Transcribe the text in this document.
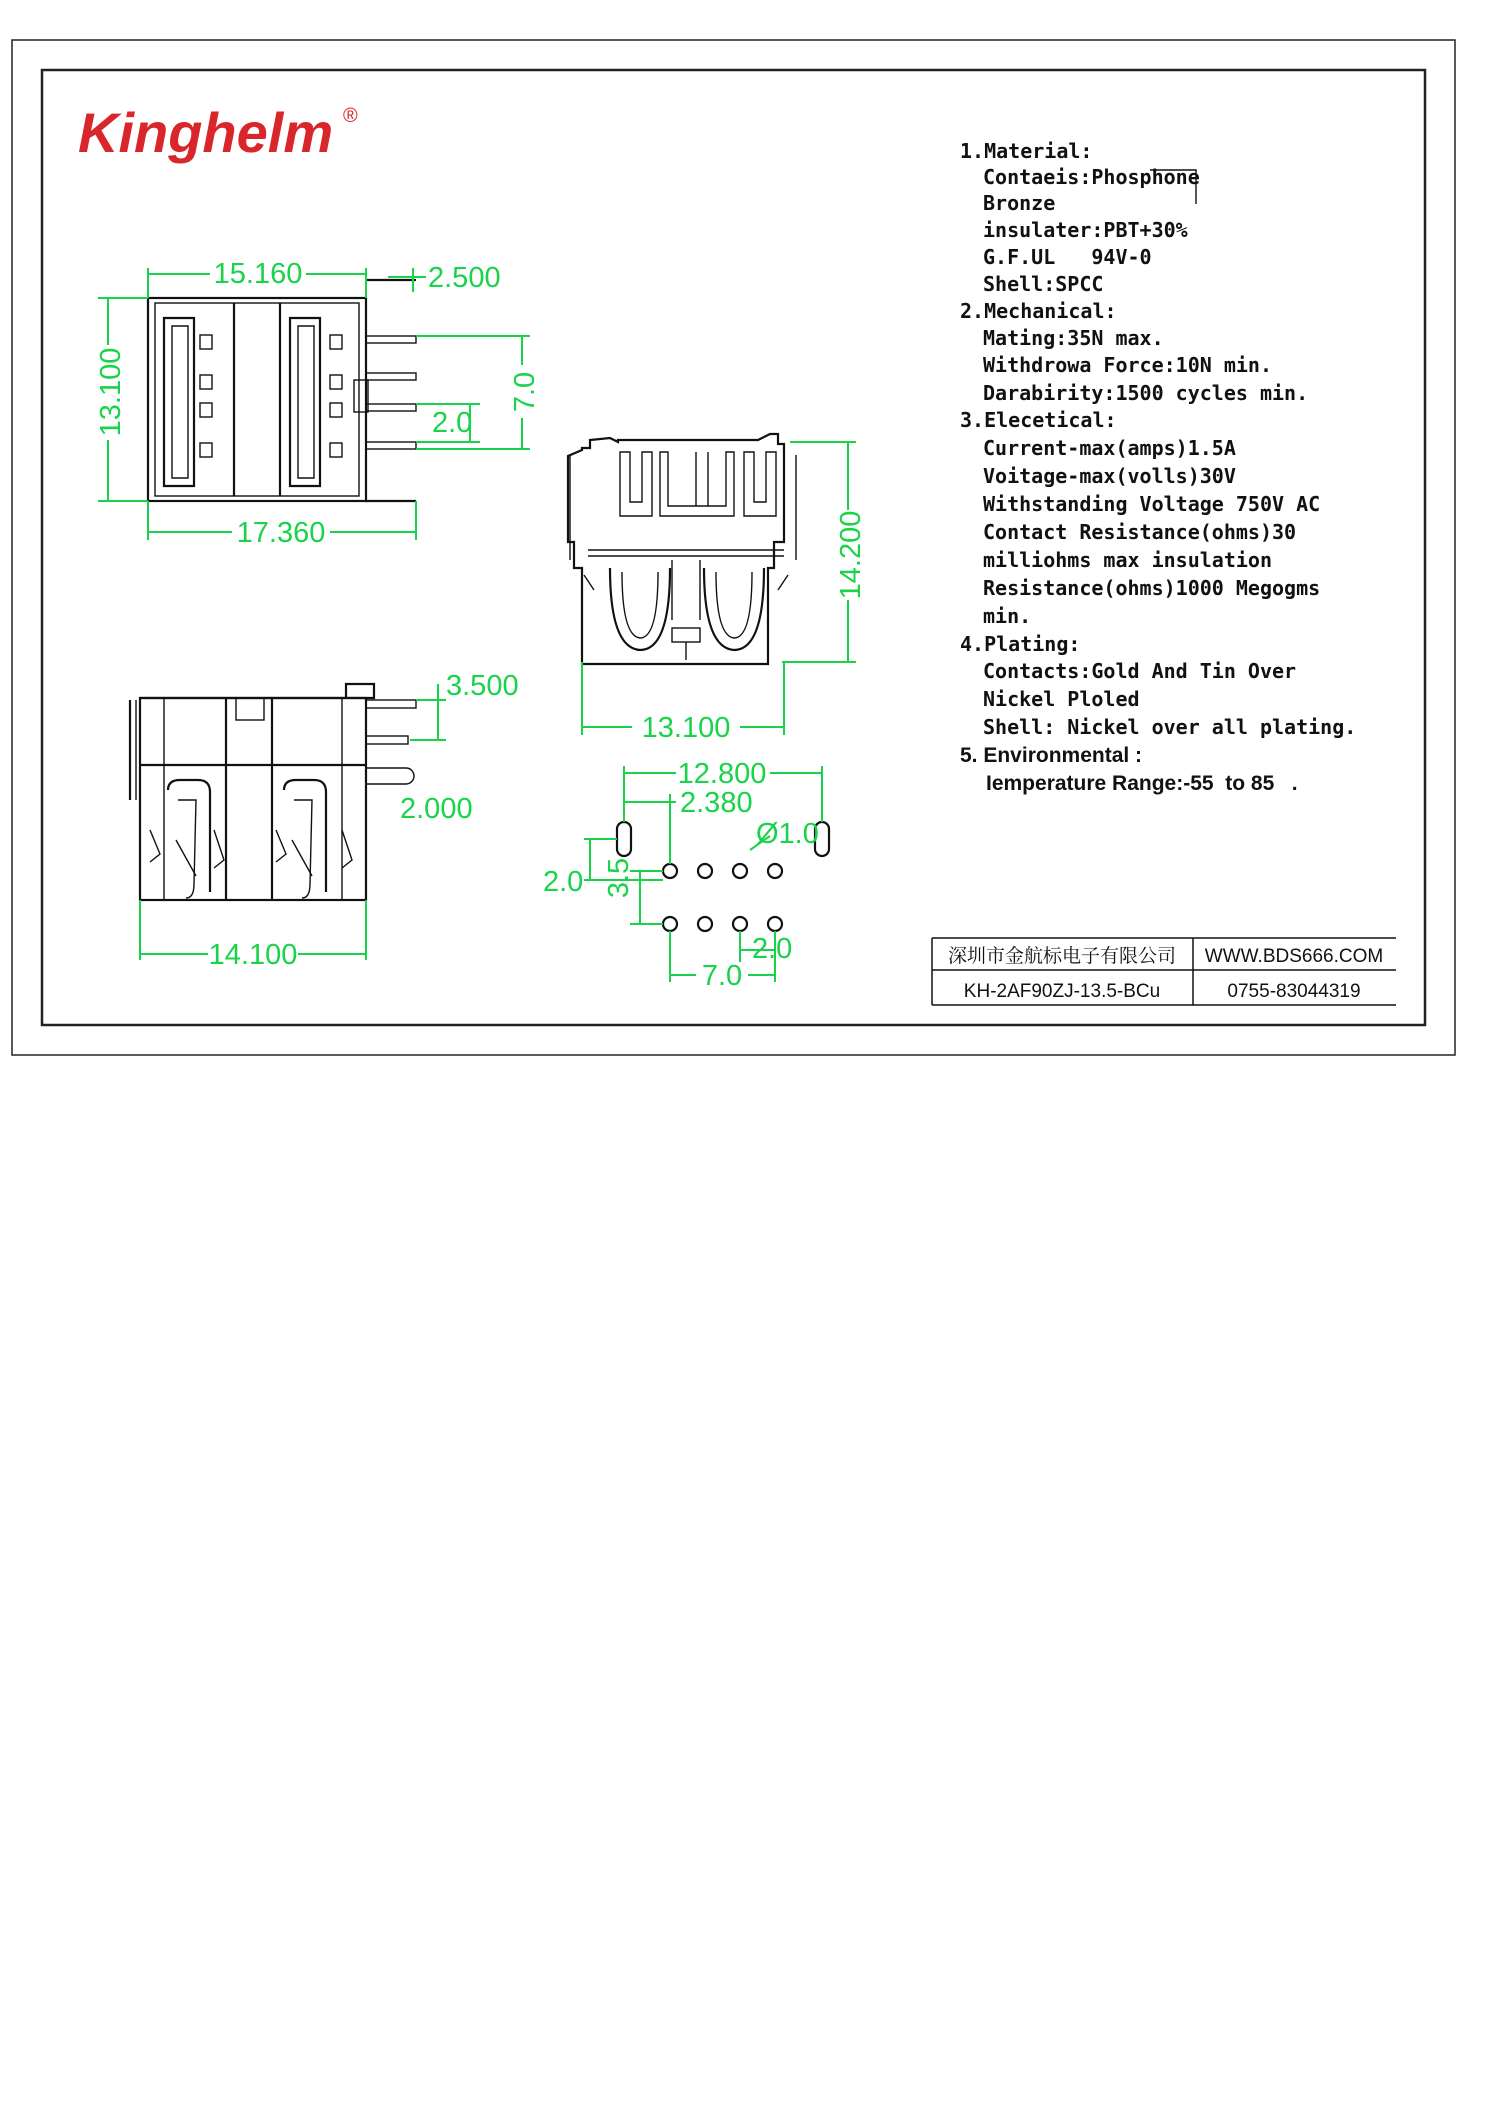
Kinghelm ®
15.160	2.500
13.100	7.0
2.0
17.360	14.200
13.100
3.500
2.000
14.100
12.800
2.380
Ø1.0
2.0 3.5
2.0
7.0
1.Material:
Contaeis:Phosphone
Bronze
insulater:PBT+30%
G.F.UL   94V-0
Shell:SPCC
2.Mechanical:
Mating:35N max.
Withdrowa Force:10N min.
Darabirity:1500 cycles min.
3.Elecetical:
Current-max(amps)1.5A
Voitage-max(volls)30V
Withstanding Voltage 750V AC
Contact Resistance(ohms)30
milliohms max insulation
Resistance(ohms)1000 Megogms
min.
4.Plating:
Contacts:Gold And Tin Over
Nickel Ploled
Shell: Nickel over all plating.
5. Environmental :
Iemperature Range:-55  to 85   .
深圳市金航标电子有限公司 WWW.BDS666.COM
KH-2AF90ZJ-13.5-BCu	0755-83044319
